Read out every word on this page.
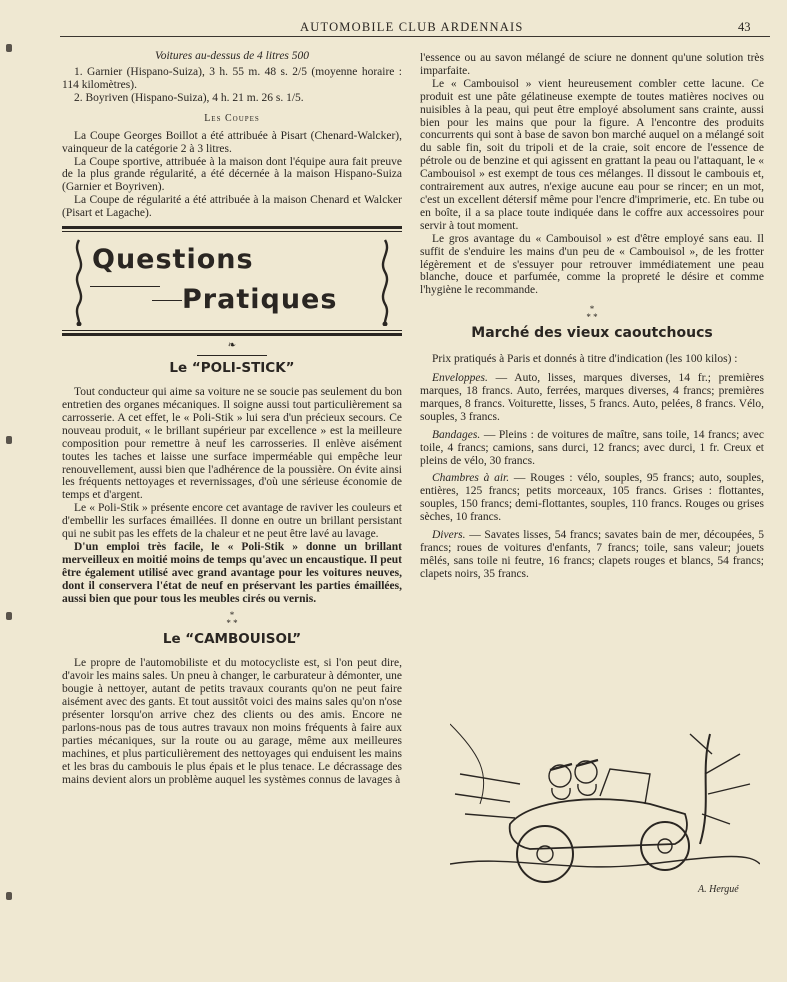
AUTOMOBILE CLUB ARDENNAIS	43
Voitures au-dessus de 4 litres 500

1. Garnier (Hispano-Suiza), 3 h. 55 m. 48 s. 2/5 (moyenne horaire : 114 kilomètres).

2. Boyriven (Hispano-Suiza), 4 h. 21 m. 26 s. 1/5.

Les Coupes

La Coupe Georges Boillot a été attribuée à Pisart (Chenard-Walcker), vainqueur de la catégorie 2 à 3 litres.

La Coupe sportive, attribuée à la maison dont l'équipe aura fait preuve de la plus grande régularité, a été décernée à la maison Hispano-Suiza (Garnier et Boyriven).

La Coupe de régularité a été attribuée à la maison Chenard et Walcker (Pisart et Lagache).

Questions
Pratiques
❧
Le “POLI-STICK”

Tout conducteur qui aime sa voiture ne se soucie pas seulement du bon entretien des organes mécaniques. Il soigne aussi tout particulièrement sa carrosserie. A cet effet, le « Poli-Stik » lui sera d'un précieux secours. Ce nouveau produit, « le brillant supérieur par excellence » est la meilleure composition pour remettre à neuf les carrosseries. Il enlève aisément toutes les taches et laisse une surface imperméable qui empêche leur renouvellement, aussi bien que l'adhérence de la poussière. On évite ainsi les fréquents nettoyages et revernissages, d'où une sérieuse économie de temps et d'argent.

Le « Poli-Stik » présente encore cet avantage de raviver les couleurs et d'embellir les surfaces émaillées. Il donne en outre un brillant persistant qui ne subit pas les effets de la chaleur et ne peut être lavé au lavage.

D'un emploi très facile, le « Poli-Stik » donne un brillant merveilleux en moitié moins de temps qu'avec un encaustique. Il peut être également utilisé avec grand avantage pour les voitures neuves, dont il conservera l'état de neuf en préservant les parties émaillées, aussi bien que pour tous les meubles cirés ou vernis.

*
* *
Le “CAMBOUISOL”

Le propre de l'automobiliste et du motocycliste est, si l'on peut dire, d'avoir les mains sales. Un pneu à changer, le carburateur à démonter, une bougie à nettoyer, autant de petits travaux courants qu'on ne peut faire aisément avec des gants. Et tout aussitôt voici des mains sales qu'on n'ose présenter lorsqu'on arrive chez des clients ou des amis. Encore ne parlons-nous pas de tous autres travaux non moins fréquents à faire aux parties mécaniques, sur la route ou au garage, même aux meilleures machines, et plus particulièrement des nettoyages qui enduisent les mains et les bras du cambouis le plus épais et le plus tenace. Le décrassage des mains devient alors un problème auquel les systèmes connus de lavages à

l'essence ou au savon mélangé de sciure ne donnent qu'une solution très imparfaite.

Le « Cambouisol » vient heureusement combler cette lacune. Ce produit est une pâte gélatineuse exempte de toutes matières nocives ou nuisibles à la peau, qui peut être employé absolument sans crainte, aussi bien pour les mains que pour la figure. A l'encontre des produits concurrents qui sont à base de savon bon marché auquel on a mélangé soit du sable fin, soit du tripoli et de la craie, soit encore de l'essence de pétrole ou de benzine et qui agissent en grattant la peau ou l'attaquant, le « Cambouisol » est exempt de tous ces mélanges. Il dissout le cambouis et, contrairement aux autres, n'exige aucune eau pour se rincer; en un mot, c'est un excellent détersif même pour l'encre d'imprimerie, etc. En tube ou en boîte, il a sa place toute indiquée dans le coffre aux accessoires pour servir à tout moment.

Le gros avantage du « Cambouisol » est d'être employé sans eau. Il suffit de s'enduire les mains d'un peu de « Cambouisol », de les frotter légèrement et de s'essuyer pour retrouver immédiatement une peau blanche, douce et parfumée, comme la propreté le désire et comme l'hygiène le recommande.

*
* *
Marché des vieux caoutchoucs

Prix pratiqués à Paris et donnés à titre d'indication (les 100 kilos) :

Enveloppes. — Auto, lisses, marques diverses, 14 fr.; premières marques, 18 francs. Auto, ferrées, marques diverses, 4 francs; premières marques, 8 francs. Voiturette, lisses, 5 francs. Auto, pelées, 8 francs. Vélo, souples, 3 francs.

Bandages. — Pleins : de voitures de maître, sans toile, 14 francs; avec toile, 4 francs; camions, sans durci, 12 francs; avec durci, 1 fr. Creux et pleins de vélo, 30 francs.

Chambres à air. — Rouges : vélo, souples, 95 francs; auto, souples, entières, 125 francs; petits morceaux, 105 francs. Grises : flottantes, souples, 150 francs; demi-flottantes, souples, 110 francs. Rouges ou grises sèches, 10 francs.

Divers. — Savates lisses, 54 francs; savates bain de mer, découpées, 5 francs; roues de voitures d'enfants, 7 francs; toile, sans valeur; jouets mêlés, sans toile ni feutre, 16 francs; clapets rouges et blancs, 54 francs; clapets noirs, 35 francs.

A. Hergué
